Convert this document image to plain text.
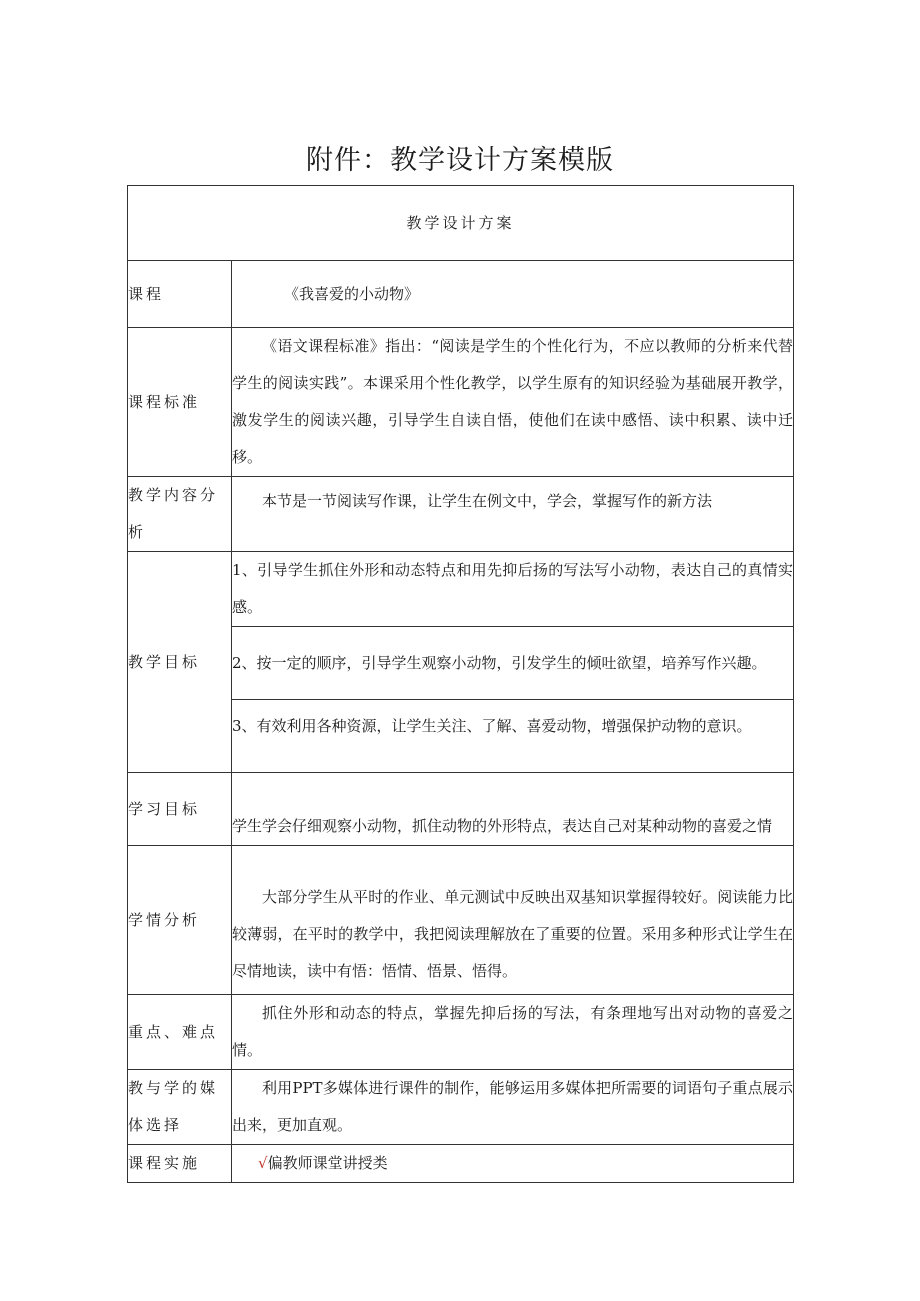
附件：教学设计方案模版
教学设计方案	
课程	《我喜爱的小动物》
课程标准	《语文课程标准》指出：“阅读是学生的个性化行为，不应以教师的分析来代替学生的阅读实践”。本课采用个性化教学，以学生原有的知识经验为基础展开教学，激发学生的阅读兴趣，引导学生自读自悟，使他们在读中感悟、读中积累、读中迁移。
教学内容分析	本节是一节阅读写作课，让学生在例文中，学会，掌握写作的新方法
教学目标	1、引导学生抓住外形和动态特点和用先抑后扬的写法写小动物，表达自己的真情实感。
	2、按一定的顺序，引导学生观察小动物，引发学生的倾吐欲望，培养写作兴趣。
	3、有效利用各种资源，让学生关注、了解、喜爱动物，增强保护动物的意识。
学习目标	学生学会仔细观察小动物，抓住动物的外形特点，表达自己对某种动物的喜爱之情
学情分析	大部分学生从平时的作业、单元测试中反映出双基知识掌握得较好。阅读能力比较薄弱，在平时的教学中，我把阅读理解放在了重要的位置。采用多种形式让学生在尽情地读，读中有悟：悟情、悟景、悟得。
重点、难点	抓住外形和动态的特点，掌握先抑后扬的写法，有条理地写出对动物的喜爱之情。
教与学的媒体选择	利用PPT多媒体进行课件的制作，能够运用多媒体把所需要的词语句子重点展示出来，更加直观。
课程实施	√偏教师课堂讲授类
